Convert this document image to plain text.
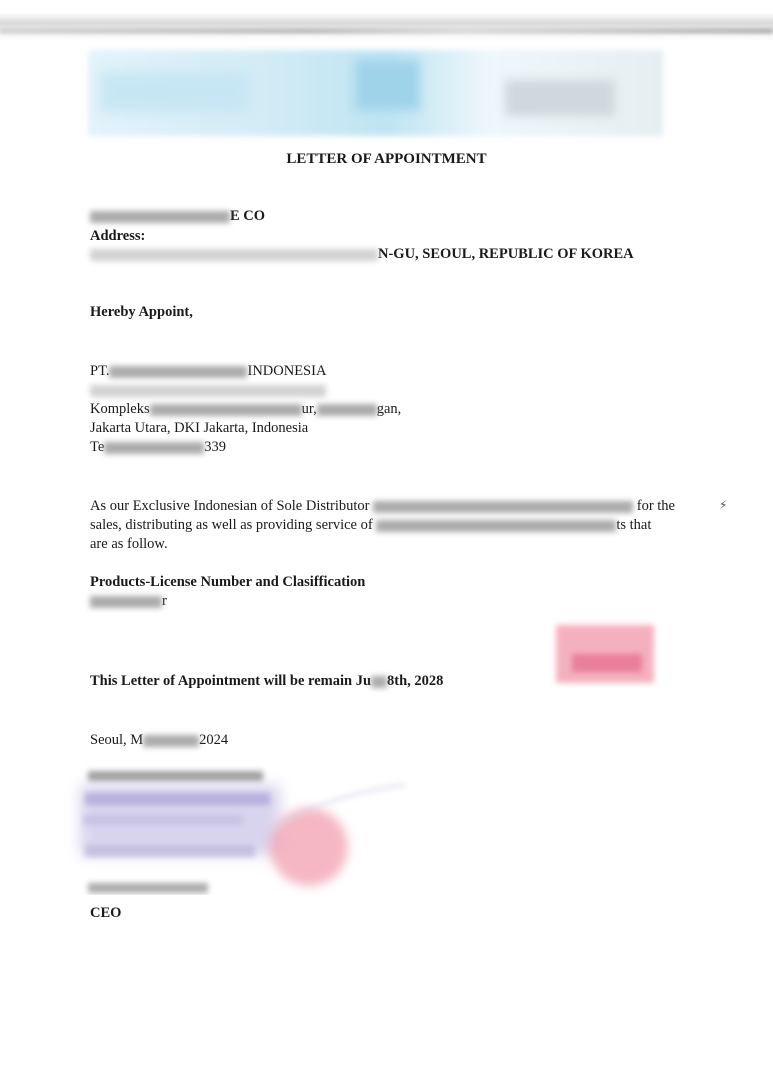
LETTER OF APPOINTMENT
E CO
Address:
N-GU, SEOUL, REPUBLIC OF KOREA
Hereby Appoint,
PT.	INDONESIA
Kompleks	ur,	gan,
Jakarta Utara, DKI Jakarta, Indonesia
Te	339
As our Exclusive Indonesian of Sole Distributor	for the
sales, distributing as well as providing service of	ts that
are as follow.
Products-License Number and Clasiffication
r
This Letter of Appointment will be remain Ju 8th, 2028
Seoul, M	2024
CEO
⚡
